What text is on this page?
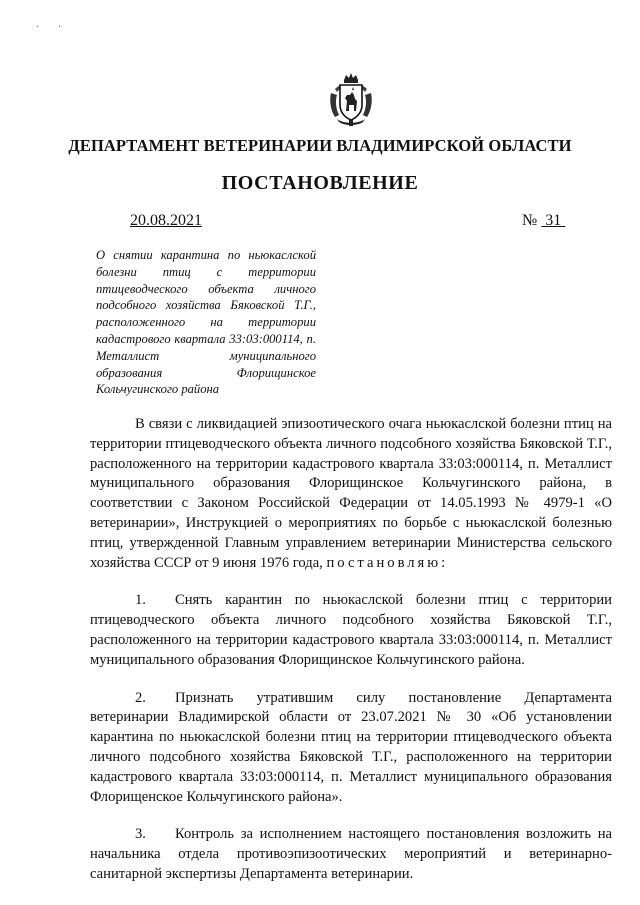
· ·
ДЕПАРТАМЕНТ ВЕТЕРИНАРИИ ВЛАДИМИРСКОЙ ОБЛАСТИ
ПОСТАНОВЛЕНИЕ
20.08.2021	№  31
О снятии карантина по ньюкаслской болезни птиц с территории птицеводческого объекта личного подсобного хозяйства Бяковской Т.Г., расположенного на территории кадастрового квартала 33:03:000114, п. Металлист муниципального образования Флорищинское Кольчугинского района

В связи с ликвидацией эпизоотического очага ньюкаслской болезни птиц на территории птицеводческого объекта личного подсобного хозяйства Бяковской Т.Г., расположенного на территории кадастрового квартала 33:03:000114, п. Металлист муниципального образования Флорищинское Кольчугинского района, в соответствии с Законом Российской Федерации от 14.05.1993 № 4979-1 «О ветеринарии», Инструкцией о мероприятиях по борьбе с ньюкаслской болезнью птиц, утвержденной Главным управлением ветеринарии Министерства сельского хозяйства СССР от 9 июня 1976 года, постановляю:

1. Снять карантин по ньюкаслской болезни птиц с территории птицеводческого объекта личного подсобного хозяйства Бяковской Т.Г., расположенного на территории кадастрового квартала 33:03:000114, п. Металлист муниципального образования Флорищинское Кольчугинского района.

2. Признать утратившим силу постановление Департамента ветеринарии Владимирской области от 23.07.2021 № 30 «Об установлении карантина по ньюкаслской болезни птиц на территории птицеводческого объекта личного подсобного хозяйства Бяковской Т.Г., расположенного на территории кадастрового квартала 33:03:000114, п. Металлист муниципального образования Флорищенское Кольчугинского района».

3. Контроль за исполнением настоящего постановления возложить на начальника отдела противоэпизоотических мероприятий и ветеринарно-санитарной экспертизы Департамента ветеринарии.
